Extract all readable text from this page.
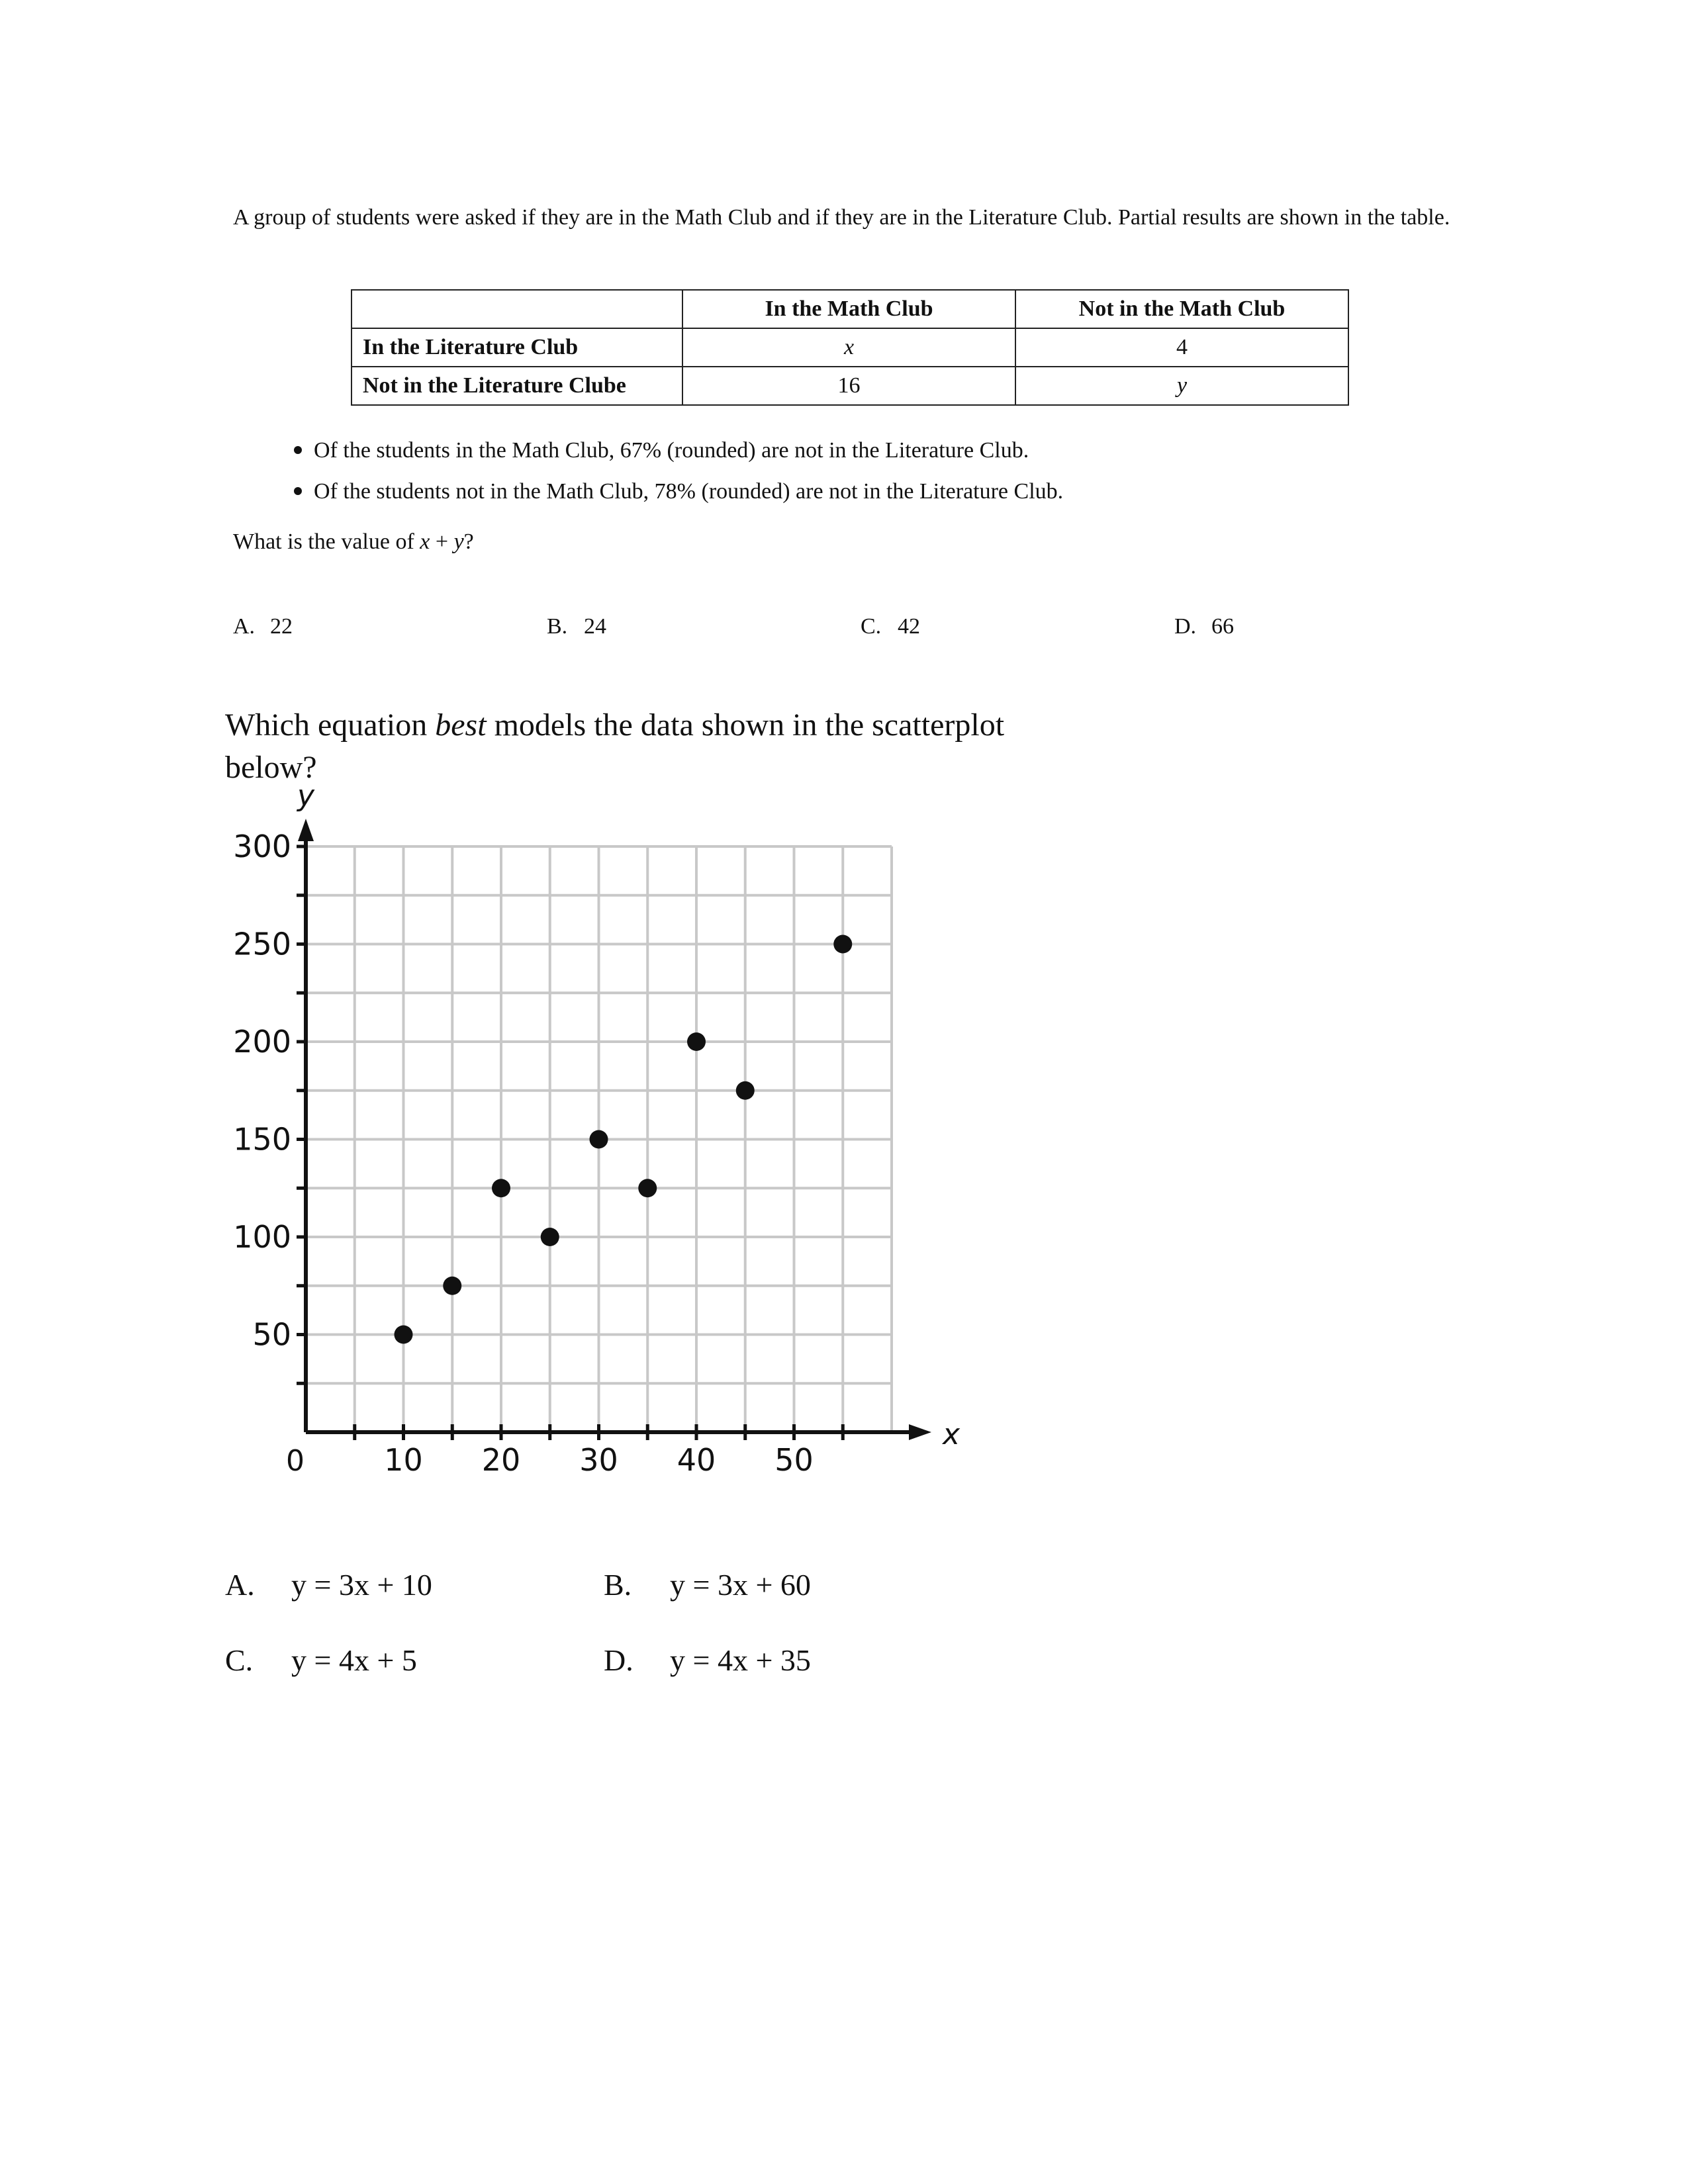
A group of students were asked if they are in the Math Club and if they are in the Literature Club. Partial results are shown in the table.
	In the Math Club	Not in the Math Club
In the Literature Club	x	4
Not in the Literature Clube	16	y
Of the students in the Math Club, 67% (rounded) are not in the Literature Club.
Of the students not in the Math Club, 78% (rounded) are not in the Literature Club.
What is the value of x + y?
A. 22	B. 24	C. 42	D. 66
Which equation best models the data shown in the scatterplot below?
x
y
0	10 20 30 40 50
50
100
150
200
250
300
A. y = 3x + 10	B. y = 3x + 60
C. y = 4x + 5	D. y = 4x + 35
